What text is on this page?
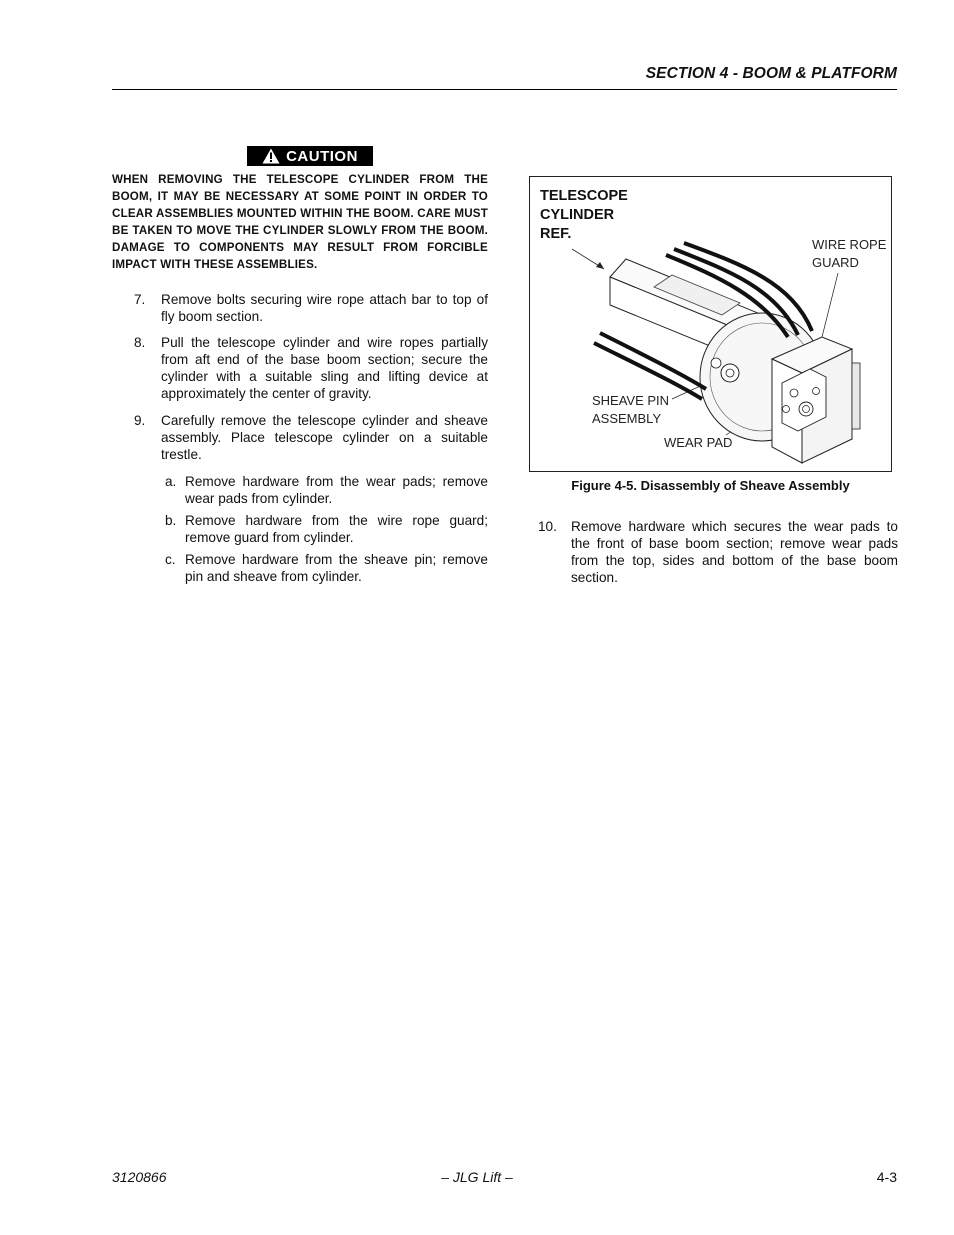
SECTION 4 - BOOM & PLATFORM
CAUTION
WHEN REMOVING THE TELESCOPE CYLINDER FROM THE BOOM, IT MAY BE NECESSARY AT SOME POINT IN ORDER TO CLEAR ASSEMBLIES MOUNTED WITHIN THE BOOM. CARE MUST BE TAKEN TO MOVE THE CYLINDER SLOWLY FROM THE BOOM. DAMAGE TO COMPONENTS MAY RESULT FROM FORCIBLE IMPACT WITH THESE ASSEMBLIES.
7. Remove bolts securing wire rope attach bar to top of fly boom section.
8. Pull the telescope cylinder and wire ropes partially from aft end of the base boom section; secure the cylinder with a suitable sling and lifting device at approximately the center of gravity.
9. Carefully remove the telescope cylinder and sheave assembly. Place telescope cylinder on a suitable trestle.
a. Remove hardware from the wear pads; remove wear pads from cylinder.
b. Remove hardware from the wire rope guard; remove guard from cylinder.
c. Remove hardware from the sheave pin; remove pin and sheave from cylinder.
TELESCOPE
CYLINDER
REF.
WIRE ROPE
GUARD
SHEAVE PIN
ASSEMBLY
WEAR PAD
Figure 4-5. Disassembly of Sheave Assembly
10. Remove hardware which secures the wear pads to the front of base boom section; remove wear pads from the top, sides and bottom of the base boom section.
3120866	– JLG Lift –	4-3
